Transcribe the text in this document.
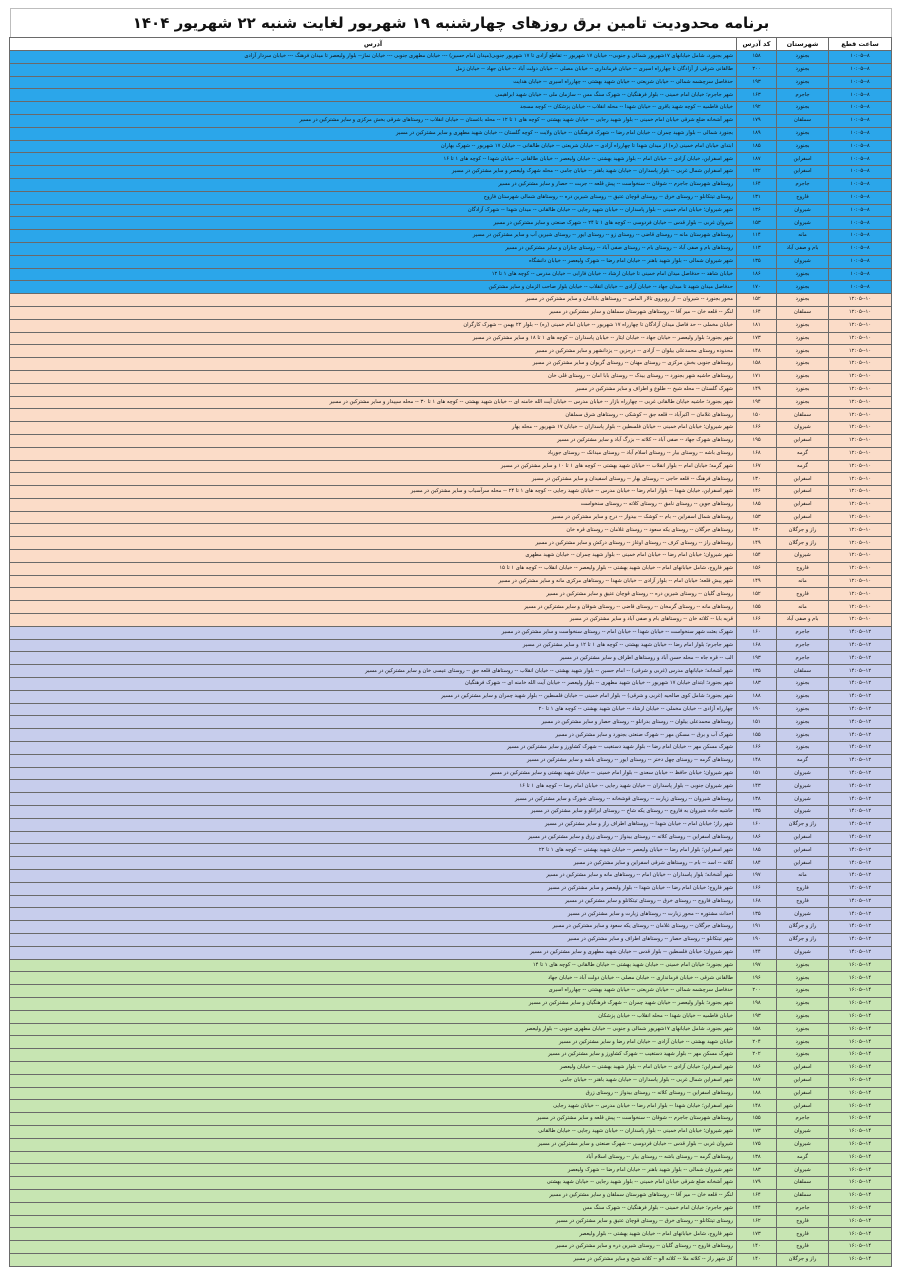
برنامه محدودیت تامین برق روزهای چهارشنبه ۱۹ شهریور لغایت شنبه ۲۲ شهریور ۱۴۰۴
ساعت قطع	شهرستان	کد آدرس	آدرس
۸--۱۰:۰۵	بجنورد	۱۵۸	شهر بجنورد، شامل خیابانهای ۱۷شهریور شمالی و جنوبی-- خیابان ۱۷ شهریور -- تقاطع آزادی تا ۱۷ شهریور جنوبی(میدان امام حسین) --- خیابان مطهری جنوبی --- خیابان نماز-- بلوار ولیعصر تا میدان فرهنگ --- خیابان سردار آزادی
۸--۱۰:۰۵	بجنورد	۲۰۰	طالقانی شرقی از آزادگان تا چهارراه اسیری -- خیابان فرمانداری -- خیابان مصلی -- خیابان دولت آباد -- خیابان جهاد -- خیابان زمل
۸--۱۰:۰۵	بجنورد	۱۹۳	حدفاصل سرچشمه شمالی -- خیابان شریعتی -- خیابان شهید بهشتی -- چهارراه اسیری -- خیابان هدایت
۸--۱۰:۰۵	جاجرم	۱۶۳	شهر جاجرم؛ خیابان امام خمینی -- بلوار فرهنگیان -- شهرک سنگ مس -- سازمان ملی -- خیابان شهید ابراهیمی
۸--۱۰:۰۵	بجنورد	۱۹۲	خیابان فاطمیه -- کوچه شهید باقری -- خیابان شهدا -- محله انقلاب -- خیابان پزشکان -- کوچه مسجد
۸--۱۰:۰۵	سملقان	۱۷۹	شهر آشخانه ضلع شرقی خیابان امام خمینی -- بلوار شهید رجایی -- خیابان شهید بهشتی -- کوچه های ۱ تا ۱۲ -- محله باغستان -- خیابان انقلاب -- روستاهای شرقی بخش مرکزی و سایر مشترکین در مسیر
۸--۱۰:۰۵	بجنورد	۱۸۹	بجنورد شمالی -- بلوار شهید چمران -- خیابان امام رضا -- شهرک فرهنگیان -- خیابان ولایت -- کوچه گلستان -- خیابان شهید مطهری و سایر مشترکین در مسیر
۸--۱۰:۰۵	بجنورد	۱۸۵	ابتدای خیابان امام خمینی (ره) از میدان شهدا تا چهارراه آزادی -- خیابان شریعتی -- خیابان طالقانی -- خیابان ۱۷ شهریور -- شهرک بهاران
۸--۱۰:۰۵	اسفراین	۱۸۷	شهر اسفراین، خیابان آزادی -- خیابان امام -- بلوار شهید بهشتی -- خیابان ولیعصر -- خیابان طالقانی -- خیابان شهدا -- کوچه های ۱ تا ۱۶
۸--۱۰:۰۵	اسفراین	۱۴۲	شهر اسفراین شمال غربی -- بلوار پاسداران -- خیابان شهید باهنر -- خیابان جامی -- محله شهرک ولیعصر و سایر مشترکین در مسیر
۸--۱۰:۰۵	جاجرم	۱۶۴	روستاهای شهرستان جاجرم -- شوقان -- سنخواست -- پیش قلعه -- جربت -- حصار و سایر مشترکین در مسیر
۸--۱۰:۰۵	فاروج	۱۳۱	روستای تیتکانلو -- روستای خرق -- روستای قوچان عتیق -- روستای شیرین دره -- روستاهای شمالی شهرستان فاروج
۸--۱۰:۰۵	شیروان	۱۳۶	شهر شیروان؛ خیابان امام خمینی -- بلوار پاسداران -- خیابان شهید رجایی -- خیابان طالقانی -- میدان شهدا -- شهرک آزادگان
۸--۱۰:۰۵	شیروان	۱۵۳	شیروان غربی -- بلوار قدس -- خیابان فردوسی -- کوچه های ۱ تا ۲۴ -- شهرک صنعتی و سایر مشترکین در مسیر
۸--۱۰:۰۵	مانه	۱۱۴	روستاهای شهرستان مانه -- روستای قاضی -- روستای زو -- روستای ایور -- روستای شیرین آب و سایر مشترکین در مسیر
۸--۱۰:۰۵	بام و صفی آباد	۱۱۳	روستاهای بام و صفی آباد -- روستای بام -- روستای صفی آباد -- روستای چناران و سایر مشترکین در مسیر
۸--۱۰:۰۵	شیروان	۱۳۵	شهر شیروان شمالی -- بلوار شهید باهنر -- خیابان امام رضا -- شهرک ولیعصر -- خیابان دانشگاه
۸--۱۰:۰۵	بجنورد	۱۸۶	خیابان شاهد -- حدفاصل میدان امام خمینی تا خیابان ارشاد -- خیابان فارابی -- خیابان مدرس -- کوچه های ۱ تا ۱۲
۸--۱۰:۰۵	بجنورد	۱۷۰	حدفاصل میدان شهید تا میدان جهاد -- خیابان آزادی -- خیابان انقلاب -- خیابان بلوار صاحب الزمان و سایر مشترکین
۱۰--۱۲:۰۵	بجنورد	۱۵۲	محور بجنورد -- شیروان -- از روبروی تالار الماس -- روستاهای باباامان و سایر مشترکین در مسیر
۱۰--۱۲:۰۵	سملقان	۱۶۴	لنگر -- قلعه خان -- میر آقا -- روستاهای شهرستان سملقان و سایر مشترکین در مسیر
۱۰--۱۲:۰۵	بجنورد	۱۸۱	خیابان مخملی -- حد فاصل میدان آزادگان تا چهارراه ۱۷ شهریور -- خیابان امام خمینی (ره) -- بلوار ۲۲ بهمن -- شهرک کارگران
۱۰--۱۲:۰۵	بجنورد	۱۷۳	شهر بجنورد؛ بلوار ولیعصر -- خیابان جهاد -- خیابان ایثار -- خیابان پاسداران -- کوچه های ۱ تا ۱۸ و سایر مشترکین در مسیر
۱۰--۱۲:۰۵	بجنورد	۱۴۸	محدوده روستای محمدعلی بیلوان -- آزادی -- درجزین -- یزدانشهر و سایر مشترکین در مسیر
۱۰--۱۲:۰۵	بجنورد	۱۵۸	روستاهای جنوبی بخش مرکزی -- روستای مهنان -- روستای گریوان و سایر مشترکین در مسیر
۱۰--۱۲:۰۵	بجنورد	۱۷۱	روستاهای حاشیه شهر بجنورد -- روستای بیدک -- روستای بابا امان -- روستای قلی خان
۱۰--۱۲:۰۵	بجنورد	۱۴۹	شهرک گلستان -- محله شیخ -- طلوع و اطراف و سایر مشترکین در مسیر
۱۰--۱۲:۰۵	بجنورد	۱۹۴	شهر بجنورد؛ حاشیه خیابان طالقانی غربی -- چهارراه بازار -- خیابان مدرس -- خیابان آیت الله خامنه ای -- خیابان شهید بهشتی -- کوچه های ۱ تا ۳۰ -- محله سپیدار و سایر مشترکین در مسیر
۱۰--۱۲:۰۵	سملقان	۱۵۰	روستاهای غلامان -- اکبرآباد -- قلعه جق -- کوشکی -- روستاهای شرق سملقان
۱۰--۱۲:۰۵	شیروان	۱۶۶	شهر شیروان؛ خیابان امام خمینی -- خیابان فلسطین -- بلوار پاسداران -- خیابان ۱۷ شهریور -- محله بهار
۱۰--۱۲:۰۵	اسفراین	۱۹۵	روستاهای شهرک جهاد -- صفی آباد -- کلاته -- بزرگ آباد و سایر مشترکین در مسیر
۱۰--۱۲:۰۵	گرمه	۱۶۸	روستای باشه -- روستای بیار -- روستای اسلام آباد -- روستای میدانک -- روستای جورباد
۱۰--۱۲:۰۵	گرمه	۱۶۷	شهر گرمه؛ خیابان امام -- بلوار انقلاب -- خیابان شهید بهشتی -- کوچه های ۱ تا ۱۰ و سایر مشترکین در مسیر
۱۰--۱۲:۰۵	اسفراین	۱۳۰	روستاهای فرهنگ -- قلعه حاجی -- روستای بهار -- روستای اسفیدان و سایر مشترکین در مسیر
۱۰--۱۲:۰۵	اسفراین	۱۴۶	شهر اسفراین، خیابان شهدا -- بلوار امام رضا -- خیابان مدرس -- خیابان شهید رجایی -- کوچه های ۱ تا ۲۴ -- محله سرآسیاب و سایر مشترکین در مسیر
۱۰--۱۲:۰۵	اسفراین	۱۸۵	روستاهای جوین -- روستای نامق -- روستای کلاته -- روستای سنخواست
۱۰--۱۲:۰۵	اسفراین	۱۵۳	روستاهای شمال اسفراین -- بام -- کوشک -- بیدواز -- درح و سایر مشترکین در مسیر
۱۰--۱۲:۰۵	راز و جرگلان	۱۳۰	روستاهای جرگلان -- روستای یکه سعود -- روستای غلامان -- روستای قره خان
۱۰--۱۲:۰۵	راز و جرگلان	۱۴۹	روستاهای راز -- روستای کرف -- روستای اوغاز -- روستای درکش و سایر مشترکین در مسیر
۱۰--۱۲:۰۵	شیروان	۱۵۴	شهر شیروان؛ خیابان امام رضا -- خیابان امام خمینی -- بلوار شهید چمران -- خیابان شهید مطهری
۱۰--۱۲:۰۵	فاروج	۱۵۶	شهر فاروج، شامل خیابانهای امام -- خیابان شهید بهشتی -- بلوار ولیعصر -- خیابان انقلاب -- کوچه های ۱ تا ۱۵
۱۰--۱۲:۰۵	مانه	۱۴۹	شهر پیش قلعه؛ خیابان امام -- بلوار آزادی -- خیابان شهدا -- روستاهای مرکزی مانه و سایر مشترکین در مسیر
۱۰--۱۲:۰۵	فاروج	۱۵۲	روستای گلیان -- روستای شیرین دره -- روستای قوچان عتیق و سایر مشترکین در مسیر
۱۰--۱۲:۰۵	مانه	۱۵۵	روستاهای مانه -- روستای گرمخان -- روستای قاضی -- روستای شوقان و سایر مشترکین در مسیر
۱۰--۱۲:۰۵	بام و صفی آباد	۱۶۶	قریه بابا -- کلاته خان -- روستاهای بام و صفی آباد و سایر مشترکین در مسیر
۱۲--۱۴:۰۵	جاجرم	۱۶۰	شهرک بعثت شهر سنخواست -- خیابان شهدا -- خیابان امام -- روستای سنخواست و سایر مشترکین در مسیر
۱۲--۱۴:۰۵	جاجرم	۱۶۸	شهر جاجرم؛ بلوار امام رضا -- خیابان شهید بهشتی -- کوچه های ۱ تا ۱۲ و سایر مشترکین در مسیر
۱۲--۱۴:۰۵	جاجرم	۱۹۳	الب -- قره جاه -- محله حسن آباد و روستاهای اطراف و سایر مشترکین در مسیر
۱۲--۱۴:۰۵	سملقان	۱۳۵	شهر آشخانه؛ خیابانهای مدرس (غربی و شرقی) -- امام حسین -- بلوار شهید بهشتی -- خیابان انقلاب -- روستاهای قلعه جق -- روستای عیسی خان و سایر مشترکین در مسیر
۱۲--۱۴:۰۵	بجنورد	۱۸۳	شهر بجنورد؛ ابتدای خیابان ۱۷ شهریور -- خیابان شهید مطهری -- بلوار ولیعصر -- خیابان آیت الله خامنه ای -- شهرک فرهنگیان
۱۲--۱۴:۰۵	بجنورد	۱۸۸	شهر بجنورد؛ شامل کوی صالحیه (غربی و شرقی) -- بلوار امام خمینی -- خیابان فلسطین -- بلوار شهید چمران و سایر مشترکین در مسیر
۱۲--۱۴:۰۵	بجنورد	۱۹۰	چهارراه آزادی -- خیابان مخملی -- خیابان ارشاد -- خیابان شهید بهشتی -- کوچه های ۱ تا ۲۰
۱۲--۱۴:۰۵	بجنورد	۱۵۱	روستاهای محمدعلی بیلوان -- روستای بدرانلو -- روستای حصار و سایر مشترکین در مسیر
۱۲--۱۴:۰۵	بجنورد	۱۵۵	شهرک آب و برق -- مسکن مهر -- شهرک صنعتی بجنورد و سایر مشترکین در مسیر
۱۲--۱۴:۰۵	بجنورد	۱۶۶	شهرک مسکن مهر -- خیابان امام رضا -- بلوار شهید دستغیب -- شهرک کشاورز و سایر مشترکین در مسیر
۱۲--۱۴:۰۵	گرمه	۱۴۸	روستاهای گرمه -- روستای چهل دختر -- روستای ایور -- روستای باشه و سایر مشترکین در مسیر
۱۲--۱۴:۰۵	شیروان	۱۵۱	شهر شیروان؛ خیابان حافظ -- خیابان سعدی -- بلوار امام خمینی -- خیابان شهید بهشتی و سایر مشترکین در مسیر
۱۲--۱۴:۰۵	شیروان	۱۴۳	شهر شیروان جنوبی -- بلوار پاسداران -- خیابان شهید رجایی -- خیابان امام رضا -- کوچه های ۱ تا ۱۶
۱۲--۱۴:۰۵	شیروان	۱۳۸	روستاهای شیروان -- روستای زیارت -- روستای قوشخانه -- روستای شورک و سایر مشترکین در مسیر
۱۲--۱۴:۰۵	شیروان	۱۳۵	حاشیه جاده شیروان به فاروج -- روستای یکه شاخ -- روستای ایرانلو و سایر مشترکین در مسیر
۱۲--۱۴:۰۵	راز و جرگلان	۱۶۰	شهر راز؛ خیابان امام -- خیابان شهدا -- روستاهای اطراف راز و سایر مشترکین در مسیر
۱۲--۱۴:۰۵	اسفراین	۱۸۶	روستاهای اسفراین -- روستای کلاته -- روستای بیدواز -- روستای زرق و سایر مشترکین در مسیر
۱۲--۱۴:۰۵	اسفراین	۱۸۵	شهر اسفراین؛ بلوار امام رضا -- خیابان ولیعصر -- خیابان شهید بهشتی -- کوچه های ۱ تا ۲۲
۱۲--۱۴:۰۵	اسفراین	۱۸۴	کلاته -- اسد -- بام -- روستاهای شرقی اسفراین و سایر مشترکین در مسیر
۱۲--۱۴:۰۵	مانه	۱۹۷	شهر آشخانه؛ بلوار پاسداران -- خیابان امام -- روستاهای مانه و سایر مشترکین در مسیر
۱۲--۱۴:۰۵	فاروج	۱۶۶	شهر فاروج؛ خیابان امام رضا -- خیابان شهدا -- بلوار ولیعصر و سایر مشترکین در مسیر
۱۲--۱۴:۰۵	فاروج	۱۶۸	روستاهای فاروج -- روستای خرق -- روستای تیتکانلو و سایر مشترکین در مسیر
۱۲--۱۴:۰۵	شیروان	۱۳۵	احداث مشتوره -- محور زیارت -- روستاهای زیارت و سایر مشترکین در مسیر
۱۲--۱۴:۰۵	راز و جرگلان	۱۹۱	روستاهای جرگلان -- روستای غلامان -- روستای یکه سعود و سایر مشترکین در مسیر
۱۲--۱۴:۰۵	راز و جرگلان	۱۹۰	شهر تیتکانلو -- روستای حصار -- روستاهای اطراف و سایر مشترکین در مسیر
۱۲--۱۴:۰۵	شیروان	۱۴۴	شهر شیروان؛ خیابان فلسطین -- بلوار قدس -- خیابان شهید مطهری و سایر مشترکین در مسیر
۱۴--۱۶:۰۵	بجنورد	۱۹۷	شهر بجنورد؛ خیابان امام خمینی -- خیابان شهید بهشتی -- خیابان طالقانی -- کوچه های ۱ تا ۱۴
۱۴--۱۶:۰۵	بجنورد	۱۹۶	طالقانی شرقی -- خیابان فرمانداری -- خیابان مصلی -- خیابان دولت آباد -- خیابان جهاد
۱۴--۱۶:۰۵	بجنورد	۲۰۰	حدفاصل سرچشمه شمالی -- خیابان شریعتی -- خیابان شهید بهشتی -- چهارراه اسیری
۱۴--۱۶:۰۵	بجنورد	۱۹۸	شهر بجنورد؛ بلوار ولیعصر -- خیابان شهید چمران -- شهرک فرهنگیان و سایر مشترکین در مسیر
۱۴--۱۶:۰۵	بجنورد	۱۹۳	خیابان فاطمیه -- خیابان شهدا -- محله انقلاب -- خیابان پزشکان
۱۴--۱۶:۰۵	بجنورد	۱۵۸	شهر بجنورد، شامل خیابانهای ۱۷شهریور شمالی و جنوبی -- خیابان مطهری جنوبی -- بلوار ولیعصر
۱۴--۱۶:۰۵	بجنورد	۲۰۴	خیابان شهید بهشتی -- خیابان آزادی -- خیابان امام رضا و سایر مشترکین در مسیر
۱۴--۱۶:۰۵	بجنورد	۲۰۲	شهرک مسکن مهر -- بلوار شهید دستغیب -- شهرک کشاورز و سایر مشترکین در مسیر
۱۴--۱۶:۰۵	اسفراین	۱۸۶	شهر اسفراین؛ خیابان آزادی -- خیابان امام -- بلوار شهید بهشتی -- خیابان ولیعصر
۱۴--۱۶:۰۵	اسفراین	۱۸۷	شهر اسفراین شمال غربی -- بلوار پاسداران -- خیابان شهید باهنر -- خیابان جامی
۱۴--۱۶:۰۵	اسفراین	۱۸۸	روستاهای اسفراین -- روستای کلاته -- روستای بیدواز -- روستای زرق
۱۴--۱۶:۰۵	اسفراین	۱۴۸	شهر اسفراین؛ خیابان شهدا -- بلوار امام رضا -- خیابان مدرس -- خیابان شهید رجایی
۱۴--۱۶:۰۵	جاجرم	۱۵۵	روستاهای شهرستان جاجرم -- شوقان -- سنخواست -- پیش قلعه و سایر مشترکین در مسیر
۱۴--۱۶:۰۵	شیروان	۱۷۳	شهر شیروان؛ خیابان امام خمینی -- بلوار پاسداران -- خیابان شهید رجایی -- خیابان طالقانی
۱۴--۱۶:۰۵	شیروان	۱۷۵	شیروان غربی -- بلوار قدس -- خیابان فردوسی -- شهرک صنعتی و سایر مشترکین در مسیر
۱۴--۱۶:۰۵	گرمه	۱۳۸	روستاهای گرمه -- روستای باشه -- روستای بیار -- روستای اسلام آباد
۱۴--۱۶:۰۵	شیروان	۱۸۳	شهر شیروان شمالی -- بلوار شهید باهنر -- خیابان امام رضا -- شهرک ولیعصر
۱۴--۱۶:۰۵	سملقان	۱۷۹	شهر آشخانه ضلع شرقی خیابان امام خمینی -- بلوار شهید رجایی -- خیابان شهید بهشتی
۱۴--۱۶:۰۵	سملقان	۱۶۴	لنگر -- قلعه خان -- میر آقا -- روستاهای شهرستان سملقان و سایر مشترکین در مسیر
۱۴--۱۶:۰۵	جاجرم	۱۴۴	شهر جاجرم؛ خیابان امام خمینی -- بلوار فرهنگیان -- شهرک سنگ مس
۱۴--۱۶:۰۵	فاروج	۱۶۲	روستای تیتکانلو -- روستای خرق -- روستای قوچان عتیق و سایر مشترکین در مسیر
۱۴--۱۶:۰۵	فاروج	۱۷۳	شهر فاروج، شامل خیابانهای امام -- خیابان شهید بهشتی -- بلوار ولیعصر
۱۴--۱۶:۰۵	فاروج	۱۴۰	روستاهای فاروج -- روستای گلیان -- روستای شیرین دره و سایر مشترکین در مسیر
۱۴--۱۶:۰۵	راز و جرگلان	۱۴۰	کل شهر راز -- کلاته ملا -- کلاته الو -- کلاته شیخ و سایر مشترکین در مسیر
